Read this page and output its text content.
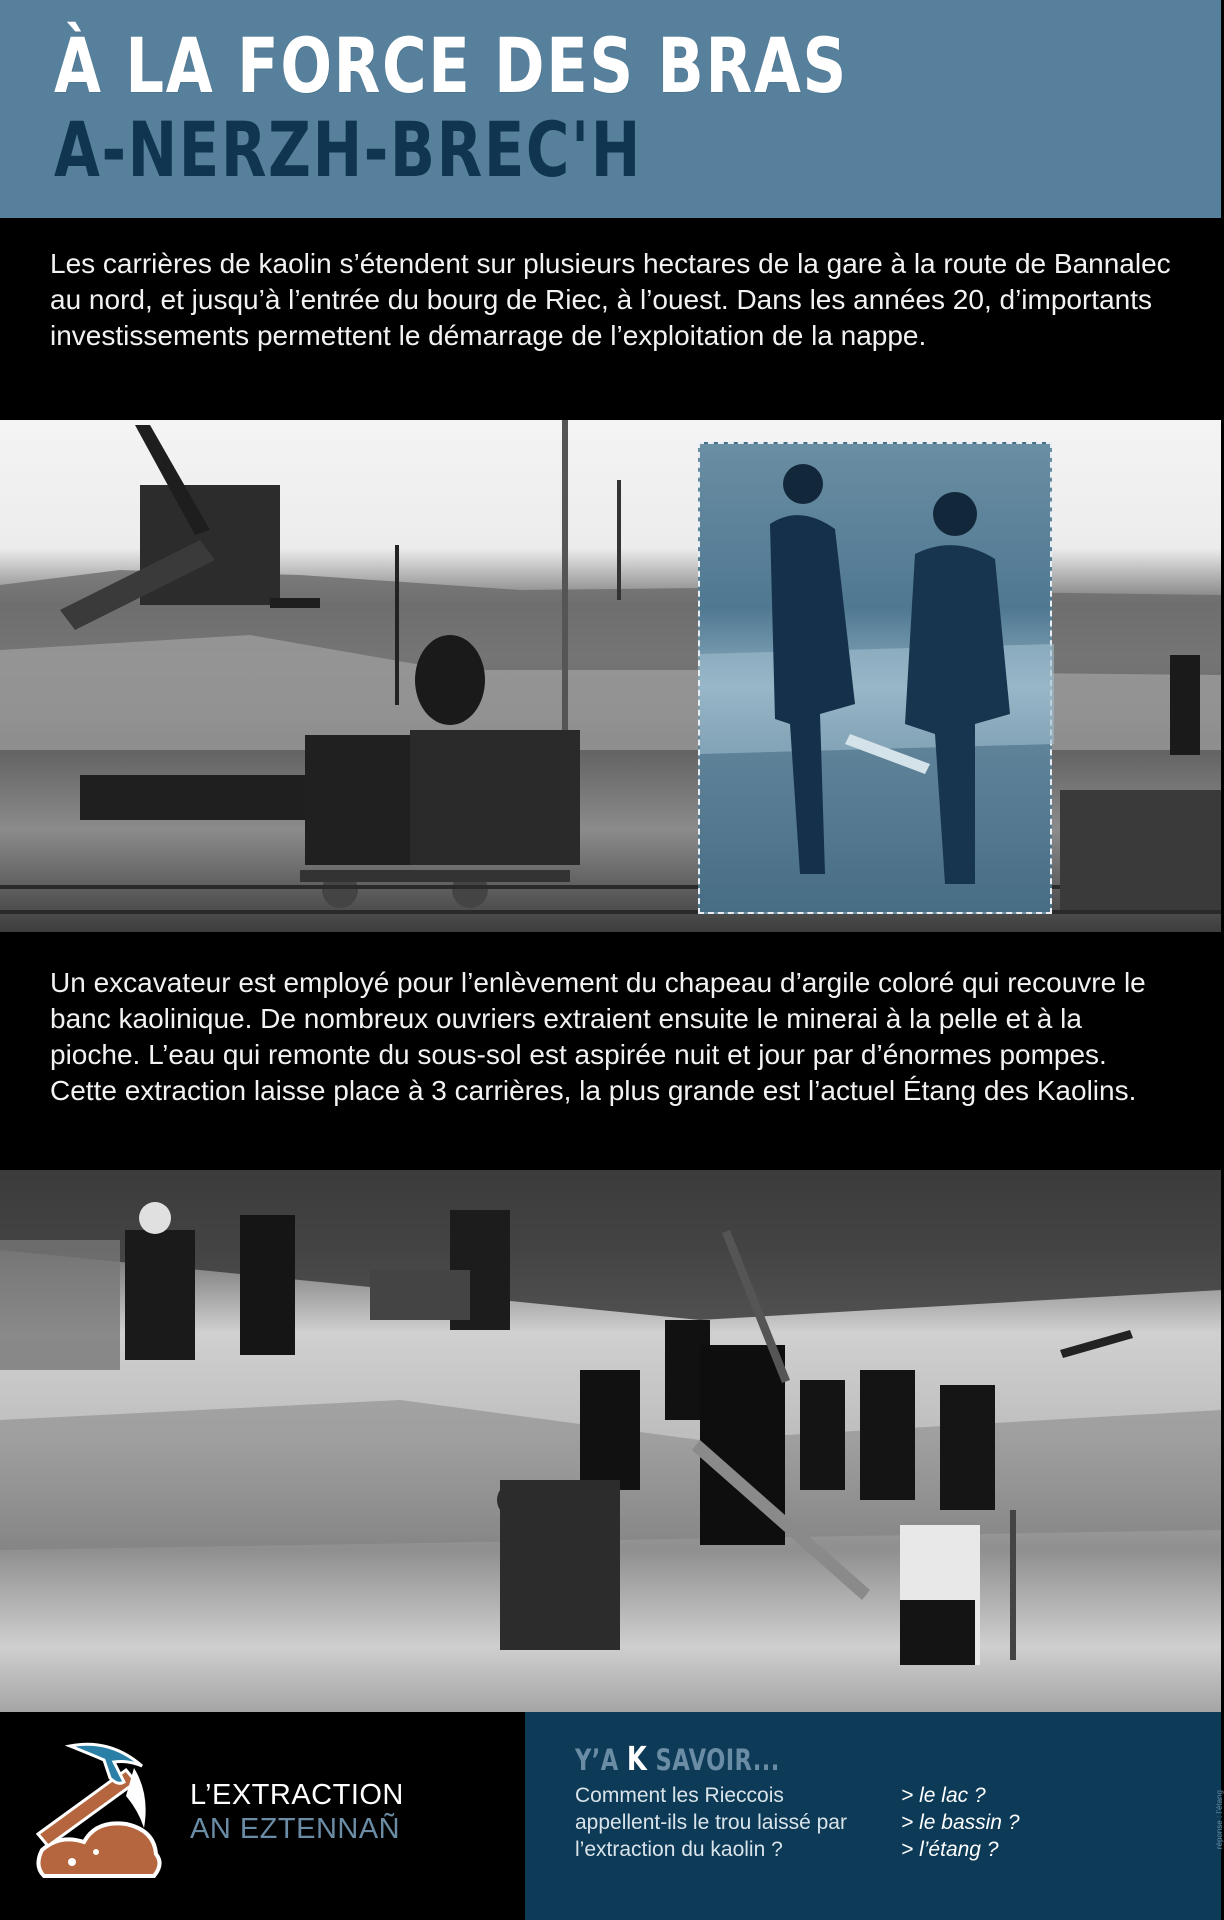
À LA FORCE DES BRAS
A-NERZH-BREC'H

Les carrières de kaolin s’étendent sur plusieurs hectares de la gare à la route de Bannalec au nord, et jusqu’à l’entrée du bourg de Riec, à l’ouest. Dans les années 20, d’importants investissements permettent le démarrage de l’exploitation de la nappe.

Un excavateur est employé pour l’enlèvement du chapeau d’argile coloré qui recouvre le banc kaolinique. De nombreux ouvriers extraient ensuite le minerai à la pelle et à la pioche. L’eau qui remonte du sous-sol est aspirée nuit et jour par d’énormes pompes. Cette extraction laisse place à 3 carrières, la plus grande est l’actuel Étang des Kaolins.

L’EXTRACTION

AN EZTENNAÑ

Y’A K SAVOIR...

Comment les Rieccois appellent-ils le trou laissé par l’extraction du kaolin ?

> le lac ?
> le bassin ?
> l’étang ?

réponse : l’étang
